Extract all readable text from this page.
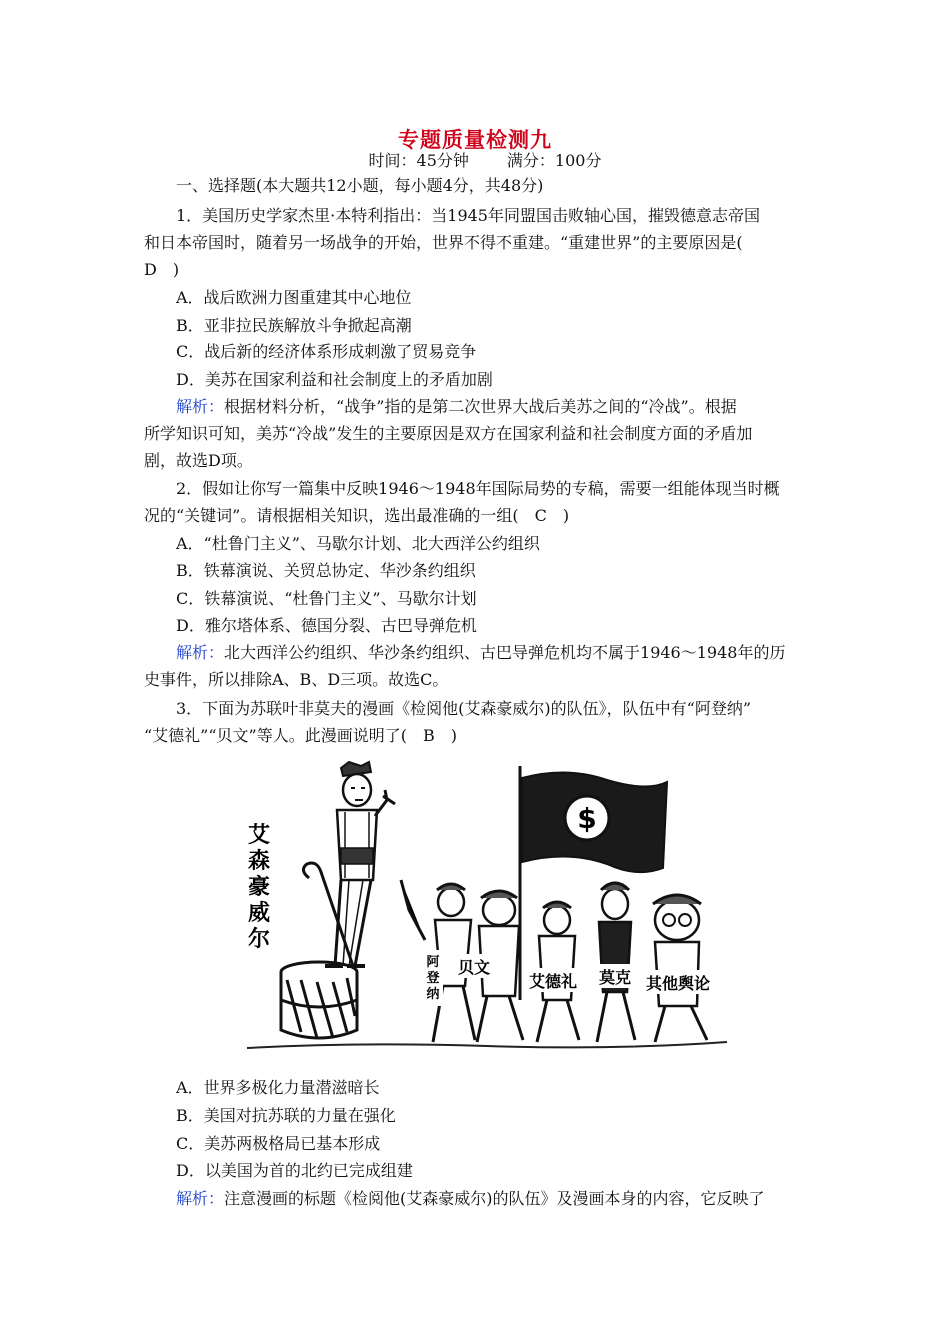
专题质量检测九
时间：45分钟 满分：100分
一、选择题(本大题共12小题，每小题4分，共48分)
1．美国历史学家杰里·本特利指出：当1945年同盟国击败轴心国，摧毁德意志帝国
和日本帝国时，随着另一场战争的开始，世界不得不重建。“重建世界”的主要原因是(
D　)
A．战后欧洲力图重建其中心地位
B．亚非拉民族解放斗争掀起高潮
C．战后新的经济体系形成刺激了贸易竞争
D．美苏在国家利益和社会制度上的矛盾加剧
解析：根据材料分析，“战争”指的是第二次世界大战后美苏之间的“冷战”。根据
所学知识可知，美苏“冷战”发生的主要原因是双方在国家利益和社会制度方面的矛盾加
剧，故选D项。
2．假如让你写一篇集中反映1946～1948年国际局势的专稿，需要一组能体现当时概
况的“关键词”。请根据相关知识，选出最准确的一组(　C　)
A．“杜鲁门主义”、马歇尔计划、北大西洋公约组织
B．铁幕演说、关贸总协定、华沙条约组织
C．铁幕演说、“杜鲁门主义”、马歇尔计划
D．雅尔塔体系、德国分裂、古巴导弹危机
解析：北大西洋公约组织、华沙条约组织、古巴导弹危机均不属于1946～1948年的历
史事件，所以排除A、B、D三项。故选C。
3．下面为苏联叶非莫夫的漫画《检阅他(艾森豪威尔)的队伍》，队伍中有“阿登纳”
“艾德礼”“贝文”等人。此漫画说明了(　B　)
艾
森
豪
威
尔
$
阿
登
纳
贝文
艾德礼 莫克 其他舆论
A．世界多极化力量潜滋暗长
B．美国对抗苏联的力量在强化
C．美苏两极格局已基本形成
D．以美国为首的北约已完成组建
解析：注意漫画的标题《检阅他(艾森豪威尔)的队伍》及漫画本身的内容，它反映了
